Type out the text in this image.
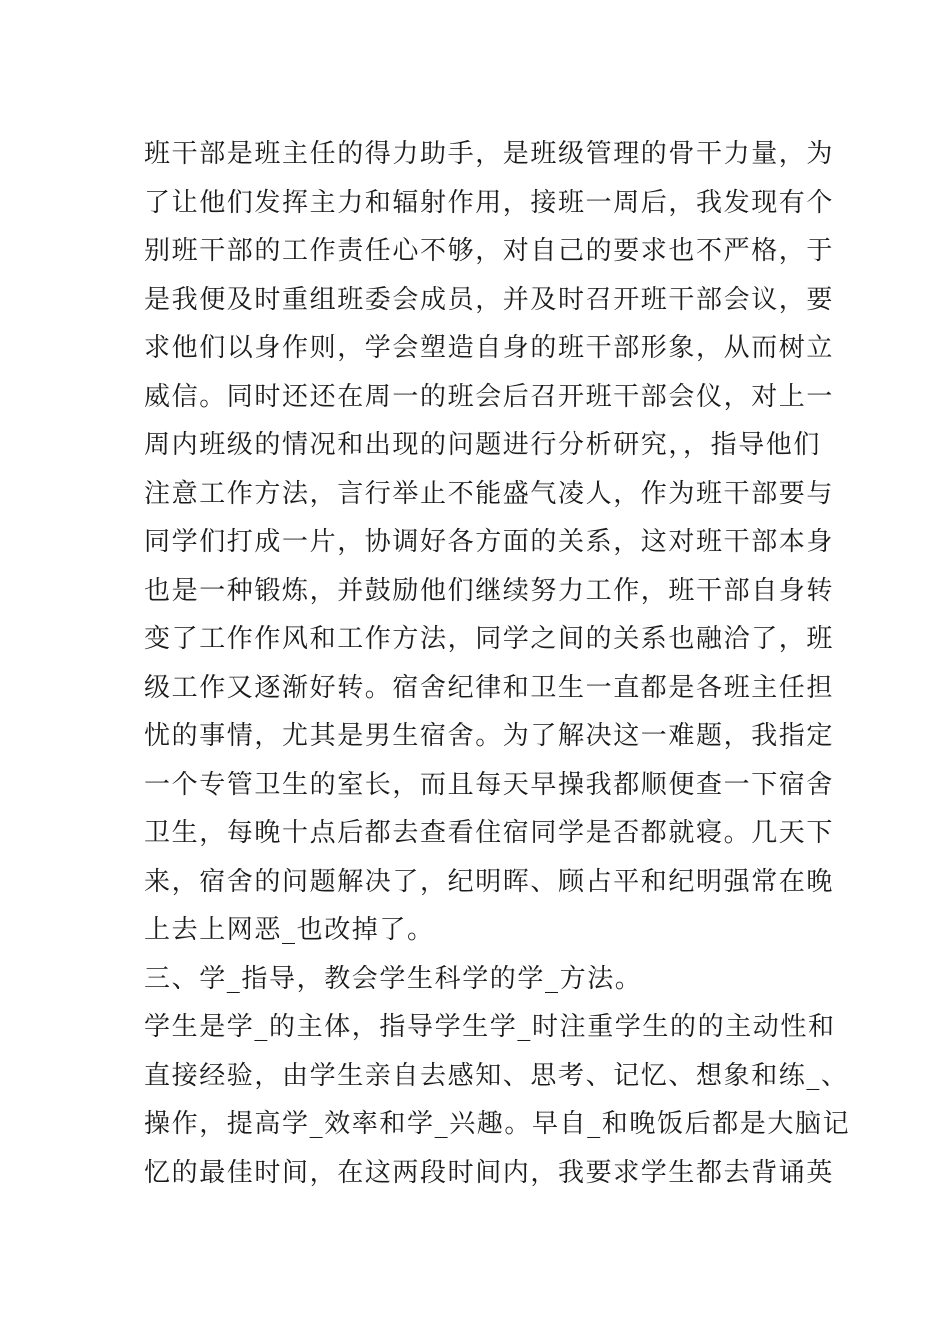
班干部是班主任的得力助手，是班级管理的骨干力量，为
了让他们发挥主力和辐射作用，接班一周后，我发现有个
别班干部的工作责任心不够，对自己的要求也不严格，于
是我便及时重组班委会成员，并及时召开班干部会议，要
求他们以身作则，学会塑造自身的班干部形象，从而树立
威信。同时还还在周一的班会后召开班干部会仪，对上一
周内班级的情况和出现的问题进行分析研究，，指导他们
注意工作方法，言行举止不能盛气凌人，作为班干部要与
同学们打成一片，协调好各方面的关系，这对班干部本身
也是一种锻炼，并鼓励他们继续努力工作，班干部自身转
变了工作作风和工作方法，同学之间的关系也融洽了，班
级工作又逐渐好转。宿舍纪律和卫生一直都是各班主任担
忧的事情，尤其是男生宿舍。为了解决这一难题，我指定
一个专管卫生的室长，而且每天早操我都顺便查一下宿舍
卫生，每晚十点后都去查看住宿同学是否都就寝。几天下
来，宿舍的问题解决了，纪明晖、顾占平和纪明强常在晚
上去上网恶_也改掉了。
三、学_指导，教会学生科学的学_方法。
学生是学_的主体，指导学生学_时注重学生的的主动性和
直接经验，由学生亲自去感知、思考、记忆、想象和练_、
操作，提高学_效率和学_兴趣。早自_和晚饭后都是大脑记
忆的最佳时间，在这两段时间内，我要求学生都去背诵英
